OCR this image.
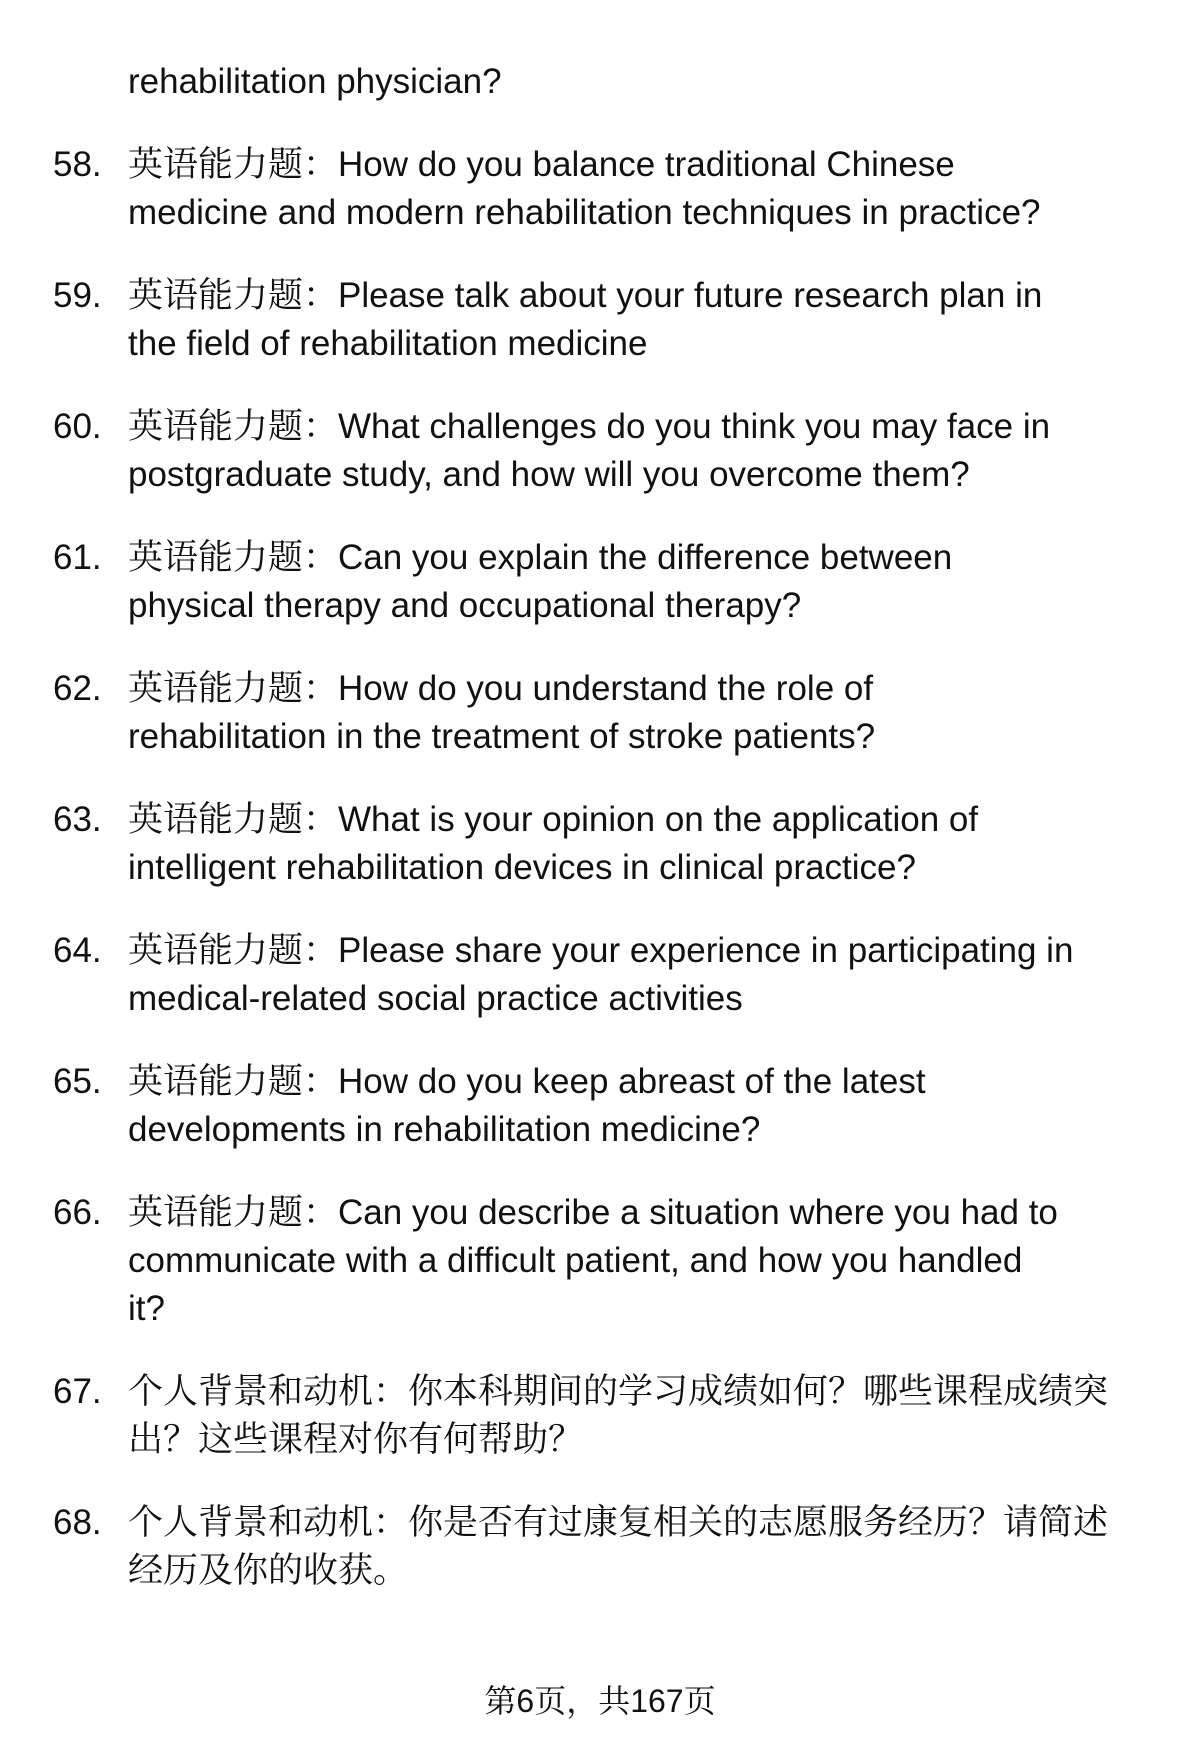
rehabilitation physician?
58. 英语能力题：How do you balance traditional Chinese
medicine and modern rehabilitation techniques in practice?
59. 英语能力题：Please talk about your future research plan in
the field of rehabilitation medicine
60. 英语能力题：What challenges do you think you may face in
postgraduate study, and how will you overcome them?
61. 英语能力题：Can you explain the difference between
physical therapy and occupational therapy?
62. 英语能力题：How do you understand the role of
rehabilitation in the treatment of stroke patients?
63. 英语能力题：What is your opinion on the application of
intelligent rehabilitation devices in clinical practice?
64. 英语能力题：Please share your experience in participating in
medical-related social practice activities
65. 英语能力题：How do you keep abreast of the latest
developments in rehabilitation medicine?
66. 英语能力题：Can you describe a situation where you had to
communicate with a difficult patient, and how you handled
it?
67. 个人背景和动机：你本科期间的学习成绩如何？哪些课程成绩突
出？这些课程对你有何帮助？
68. 个人背景和动机：你是否有过康复相关的志愿服务经历？请简述
经历及你的收获。
第6页，共167页
